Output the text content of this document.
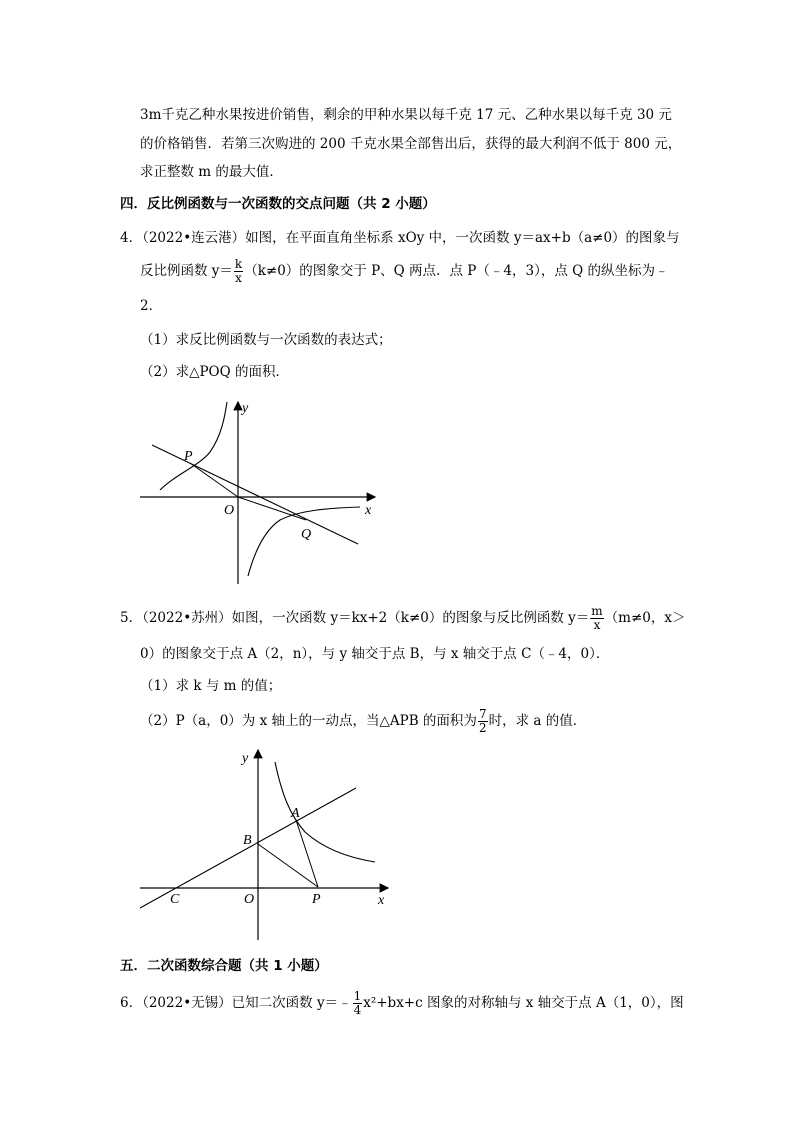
3m千克乙种水果按进价销售，剩余的甲种水果以每千克 17 元、乙种水果以每千克 30 元
的价格销售．若第三次购进的 200 千克水果全部售出后，获得的最大利润不低于 800 元，
求正整数 m 的最大值．
四．反比例函数与一次函数的交点问题（共 2 小题）
4．（2022•连云港）如图，在平面直角坐标系 xOy 中，一次函数 y＝ax+b（a≠0）的图象与
反比例函数 $y= \frac{k}{x} (k\ne 0)$的图象交于 P、Q 两点．点 P（﹣4，3），点 Q 的纵坐标为﹣
2．
（1）求反比例函数与一次函数的表达式；
（2）求△POQ 的面积．
y
x
O
P
Q
5．（2022•苏州）如图，一次函数 y＝kx+2（k≠0）的图象与反比例函数 $y= \frac{m}{x} (m\ne 0$，x＞
0）的图象交于点 A（2，n），与 y 轴交于点 B，与 x 轴交于点 C（﹣4，0）．
（1）求 k 与 m 的值；
（2）P（a，0）为 x 轴上的一动点，当△APB 的面积为 $\frac{7}{2}$ 时，求 a 的值．
y
x
O
A
B
C	P
五．二次函数综合题（共 1 小题）
6．（2022•无锡）已知二次函数 y＝﹣ $\frac{1}{4} x^2+bx+c$ 图象的对称轴与 x 轴交于点 A（1，0），图
